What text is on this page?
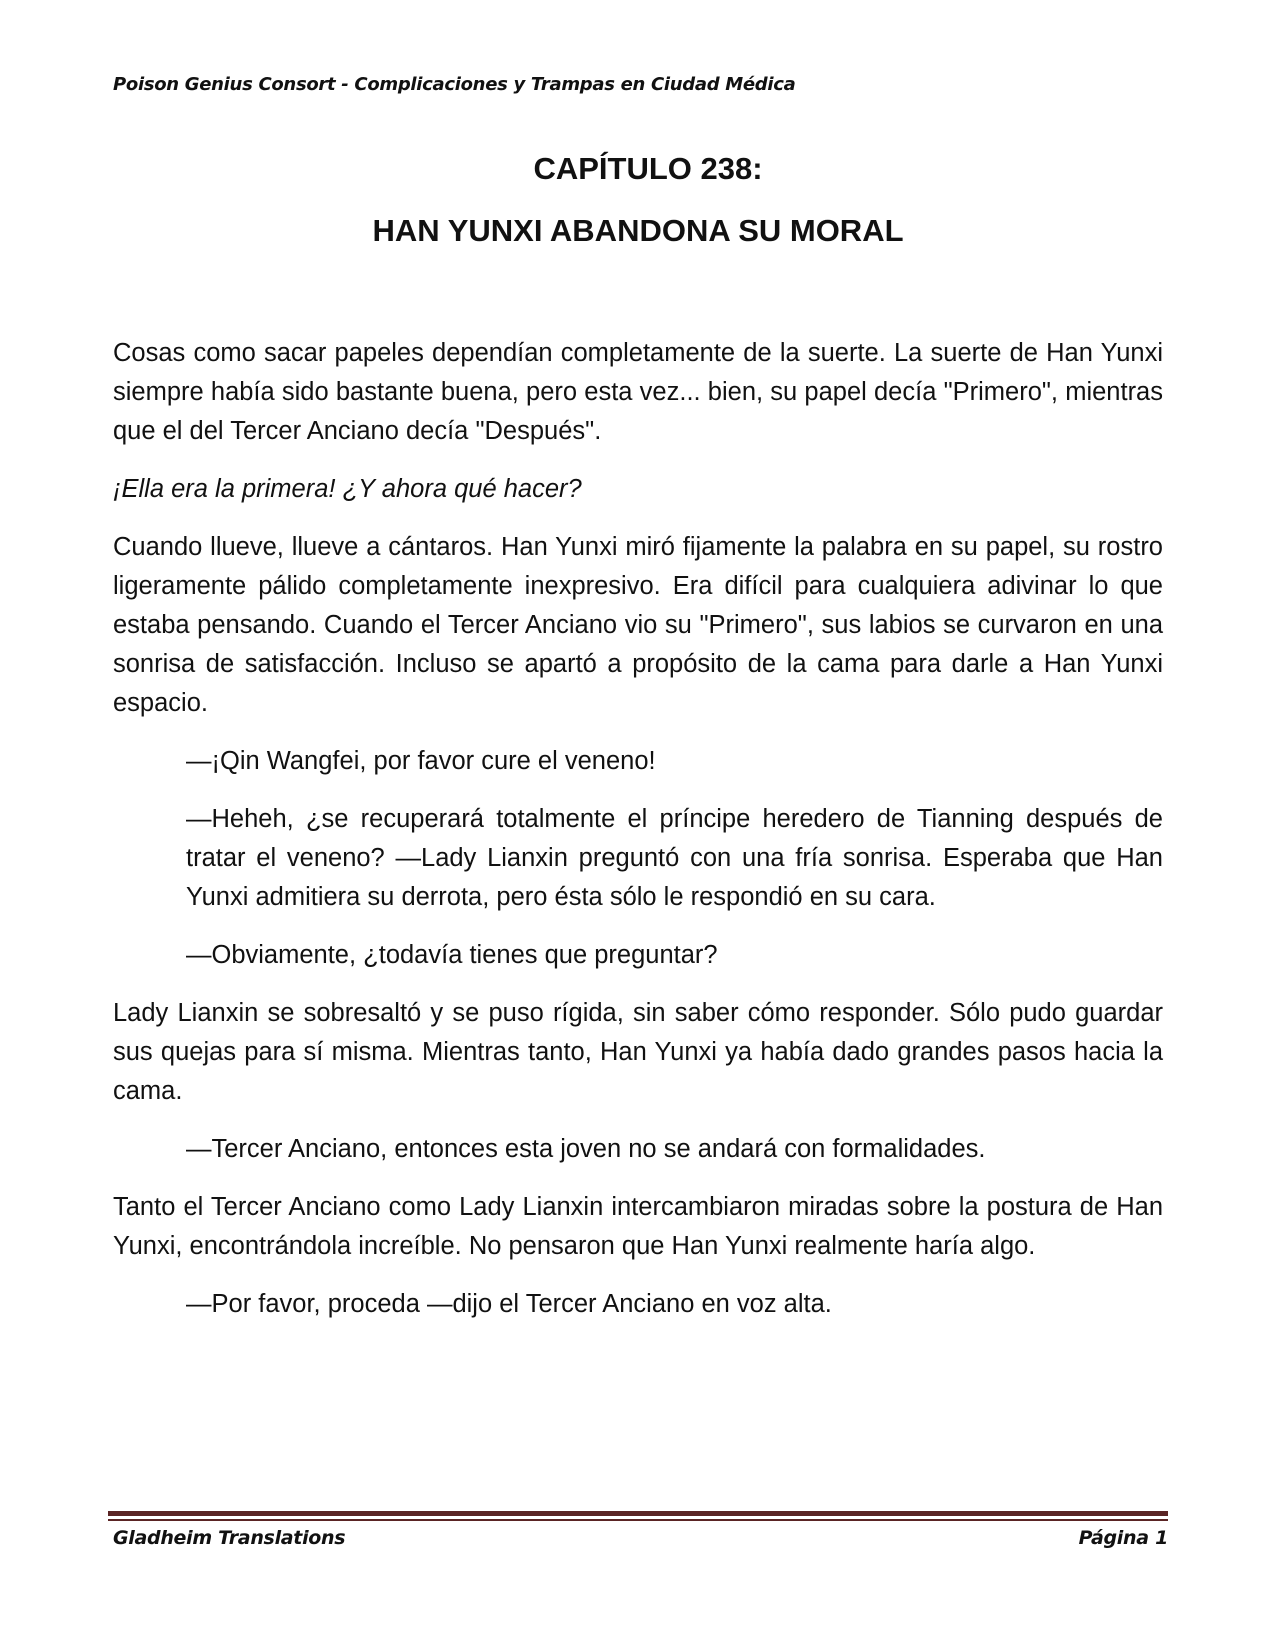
Poison Genius Consort - Complicaciones y Trampas en Ciudad Médica
CAPÍTULO 238:
HAN YUNXI ABANDONA SU MORAL

Cosas como sacar papeles dependían completamente de la suerte. La suerte de Han Yunxi siempre había sido bastante buena, pero esta vez... bien, su papel decía "Primero", mientras que el del Tercer Anciano decía "Después".

¡Ella era la primera! ¿Y ahora qué hacer?

Cuando llueve, llueve a cántaros. Han Yunxi miró fijamente la palabra en su papel, su rostro ligeramente pálido completamente inexpresivo. Era difícil para cualquiera adivinar lo que estaba pensando. Cuando el Tercer Anciano vio su "Primero", sus labios se curvaron en una sonrisa de satisfacción. Incluso se apartó a propósito de la cama para darle a Han Yunxi espacio.

—¡Qin Wangfei, por favor cure el veneno!

—Heheh, ¿se recuperará totalmente el príncipe heredero de Tianning después de tratar el veneno? —Lady Lianxin preguntó con una fría sonrisa. Esperaba que Han Yunxi admitiera su derrota, pero ésta sólo le respondió en su cara.

—Obviamente, ¿todavía tienes que preguntar?

Lady Lianxin se sobresaltó y se puso rígida, sin saber cómo responder. Sólo pudo guardar sus quejas para sí misma. Mientras tanto, Han Yunxi ya había dado grandes pasos hacia la cama.

—Tercer Anciano, entonces esta joven no se andará con formalidades.

Tanto el Tercer Anciano como Lady Lianxin intercambiaron miradas sobre la postura de Han Yunxi, encontrándola increíble. No pensaron que Han Yunxi realmente haría algo.

—Por favor, proceda —dijo el Tercer Anciano en voz alta.

Gladheim Translations	Página 1
